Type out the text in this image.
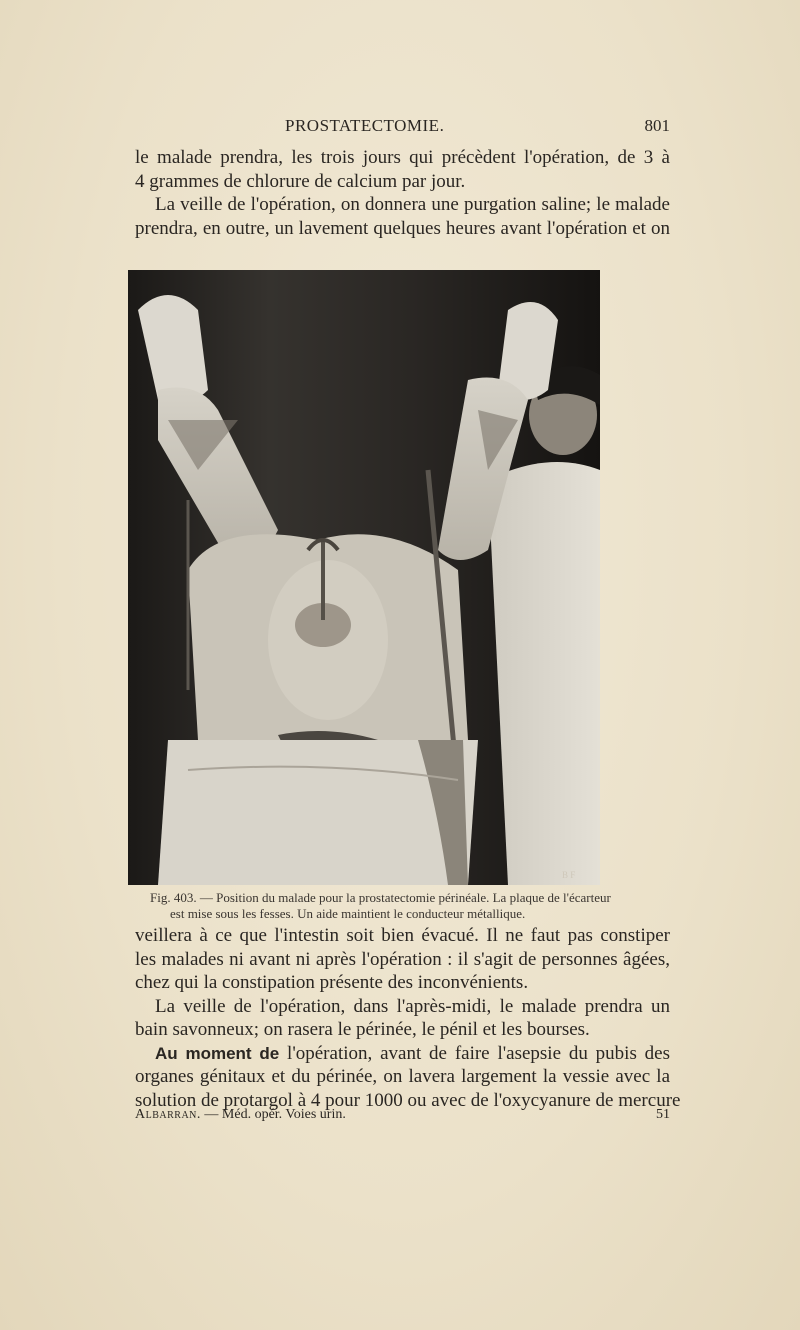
PROSTATECTOMIE.	801
le malade prendra, les trois jours qui précèdent l'opération, de 3 à
4 grammes de chlorure de calcium par jour.
La veille de l'opération, on donnera une purgation saline; le malade
prendra, en outre, un lavement quelques heures avant l'opération et on
B F
Fig. 403. — Position du malade pour la prostatectomie périnéale. La plaque de l'écarteur
est mise sous les fesses. Un aide maintient le conducteur métallique.
veillera à ce que l'intestin soit bien évacué. Il ne faut pas constiper
les malades ni avant ni après l'opération : il s'agit de personnes âgées,
chez qui la constipation présente des inconvénients.
La veille de l'opération, dans l'après-midi, le malade prendra un
bain savonneux; on rasera le périnée, le pénil et les bourses.
Au moment de l'opération, avant de faire l'asepsie du pubis des
organes génitaux et du périnée, on lavera largement la vessie avec la
solution de protargol à 4 pour 1000 ou avec de l'oxycyanure de mercure
Albarran. — Méd. opér. Voies urin.	51
